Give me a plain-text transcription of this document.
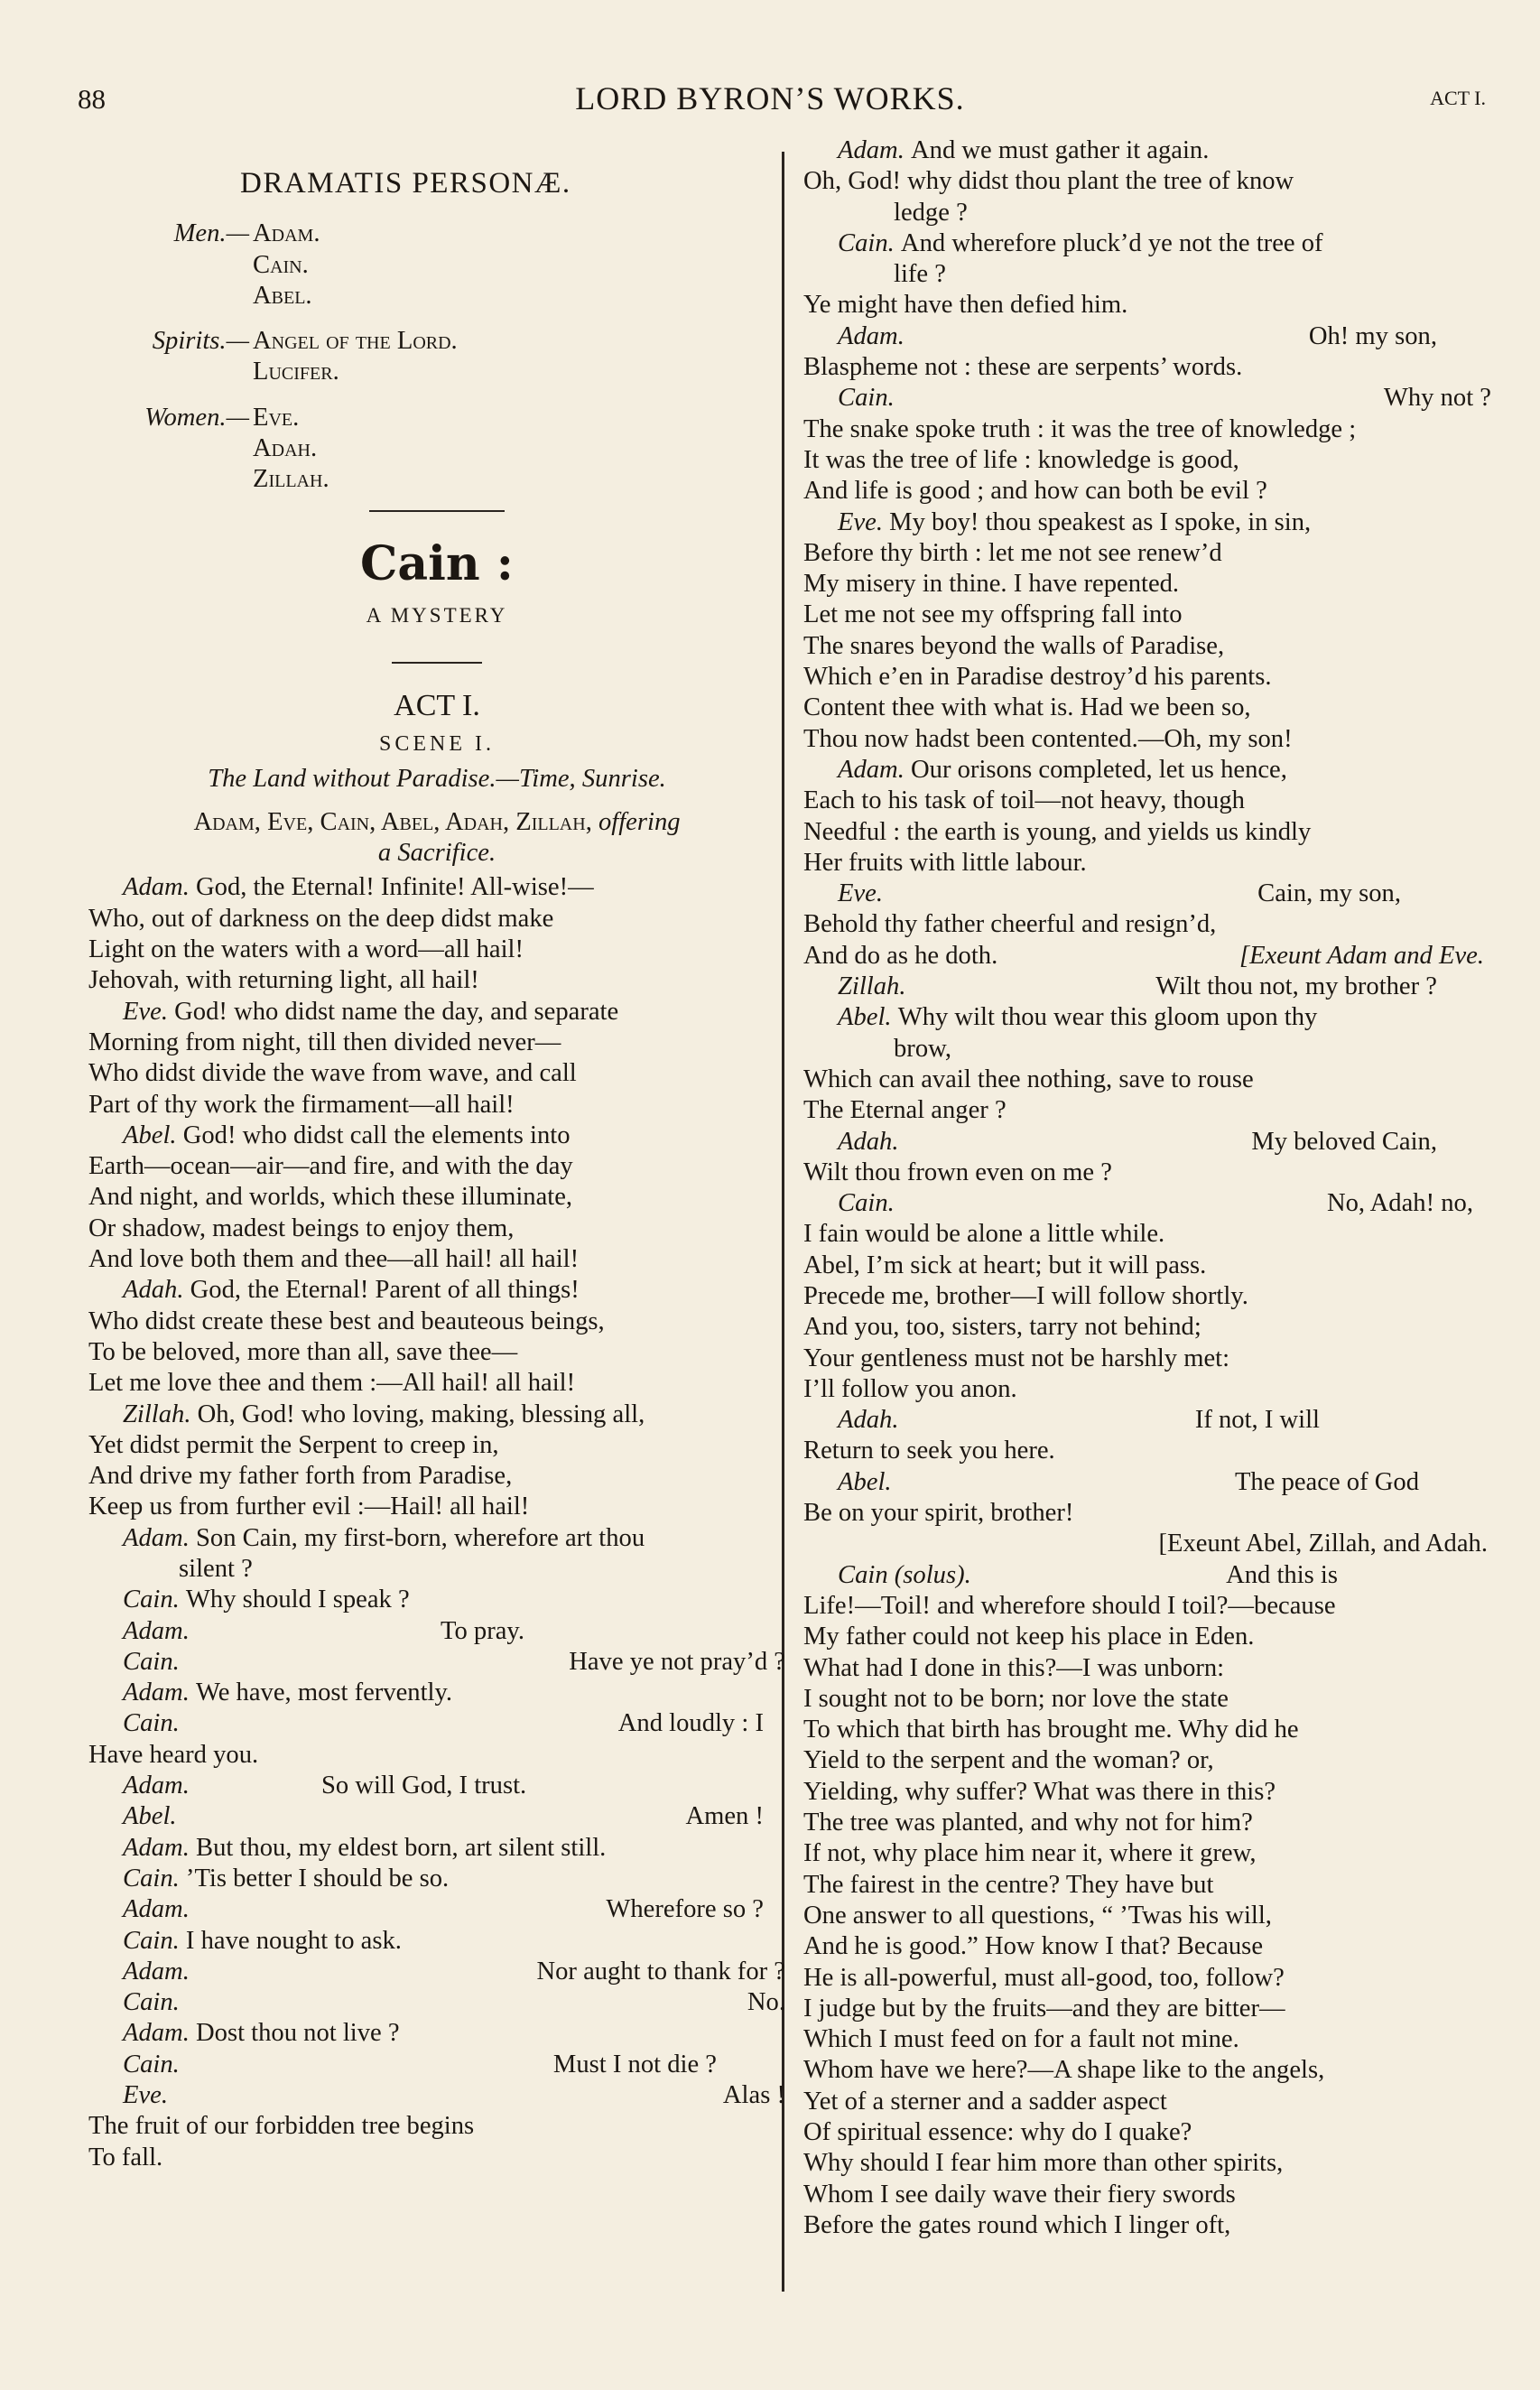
88	LORD BYRON’S WORKS.	ACT I.
DRAMATIS PERSONÆ.
Men.— Adam.
Cain.
Abel.
Spirits.— Angel of the Lord.
Lucifer.
Women.— Eve.
Adah.
Zillah.
Cain :
A MYSTERY
ACT I.
SCENE I.
The Land without Paradise.—Time, Sunrise.
Adam, Eve, Cain, Abel, Adah, Zillah, offering
a Sacrifice.
Adam. God, the Eternal! Infinite! All-wise!—
Who, out of darkness on the deep didst make
Light on the waters with a word—all hail!
Jehovah, with returning light, all hail!
Eve. God! who didst name the day, and separate
Morning from night, till then divided never—
Who didst divide the wave from wave, and call
Part of thy work the firmament—all hail!
Abel. God! who didst call the elements into
Earth—ocean—air—and fire, and with the day
And night, and worlds, which these illuminate,
Or shadow, madest beings to enjoy them,
And love both them and thee—all hail! all hail!
Adah. God, the Eternal! Parent of all things!
Who didst create these best and beauteous beings,
To be beloved, more than all, save thee—
Let me love thee and them :—All hail! all hail!
Zillah. Oh, God! who loving, making, blessing all,
Yet didst permit the Serpent to creep in,
And drive my father forth from Paradise,
Keep us from further evil :—Hail! all hail!
Adam. Son Cain, my first-born, wherefore art thou
silent ?
Cain. Why should I speak ?
Adam.	To pray.
Cain.	Have ye not pray’d ?
Adam. We have, most fervently.
Cain.	And loudly : I
Have heard you.
Adam.	So will God, I trust.
Abel.	Amen !
Adam. But thou, my eldest born, art silent still.
Cain. ’Tis better I should be so.
Adam.	Wherefore so ?
Cain. I have nought to ask.
Adam.	Nor aught to thank for ?
Cain.	No.
Adam. Dost thou not live ?
Cain.	Must I not die ?
Eve.	Alas !
The fruit of our forbidden tree begins
To fall.
Adam. And we must gather it again.
Oh, God! why didst thou plant the tree of know
ledge ?
Cain. And wherefore pluck’d ye not the tree of
life ?
Ye might have then defied him.
Adam.	Oh! my son,
Blaspheme not : these are serpents’ words.
Cain.	Why not ?
The snake spoke truth : it was the tree of knowledge ;
It was the tree of life : knowledge is good,
And life is good ; and how can both be evil ?
Eve. My boy! thou speakest as I spoke, in sin,
Before thy birth : let me not see renew’d
My misery in thine. I have repented.
Let me not see my offspring fall into
The snares beyond the walls of Paradise,
Which e’en in Paradise destroy’d his parents.
Content thee with what is. Had we been so,
Thou now hadst been contented.—Oh, my son!
Adam. Our orisons completed, let us hence,
Each to his task of toil—not heavy, though
Needful : the earth is young, and yields us kindly
Her fruits with little labour.
Eve.	Cain, my son,
Behold thy father cheerful and resign’d,
And do as he doth.	[Exeunt Adam and Eve.
Zillah.	Wilt thou not, my brother ?
Abel. Why wilt thou wear this gloom upon thy
brow,
Which can avail thee nothing, save to rouse
The Eternal anger ?
Adah.	My beloved Cain,
Wilt thou frown even on me ?
Cain.	No, Adah! no,
I fain would be alone a little while.
Abel, I’m sick at heart; but it will pass.
Precede me, brother—I will follow shortly.
And you, too, sisters, tarry not behind;
Your gentleness must not be harshly met:
I’ll follow you anon.
Adah.	If not, I will
Return to seek you here.
Abel.	The peace of God
Be on your spirit, brother!
[Exeunt Abel, Zillah, and Adah.
Cain (solus).	And this is
Life!—Toil! and wherefore should I toil?—because
My father could not keep his place in Eden.
What had I done in this?—I was unborn:
I sought not to be born; nor love the state
To which that birth has brought me. Why did he
Yield to the serpent and the woman? or,
Yielding, why suffer? What was there in this?
The tree was planted, and why not for him?
If not, why place him near it, where it grew,
The fairest in the centre? They have but
One answer to all questions, “ ’Twas his will,
And he is good.” How know I that? Because
He is all-powerful, must all-good, too, follow?
I judge but by the fruits—and they are bitter—
Which I must feed on for a fault not mine.
Whom have we here?—A shape like to the angels,
Yet of a sterner and a sadder aspect
Of spiritual essence: why do I quake?
Why should I fear him more than other spirits,
Whom I see daily wave their fiery swords
Before the gates round which I linger oft,
